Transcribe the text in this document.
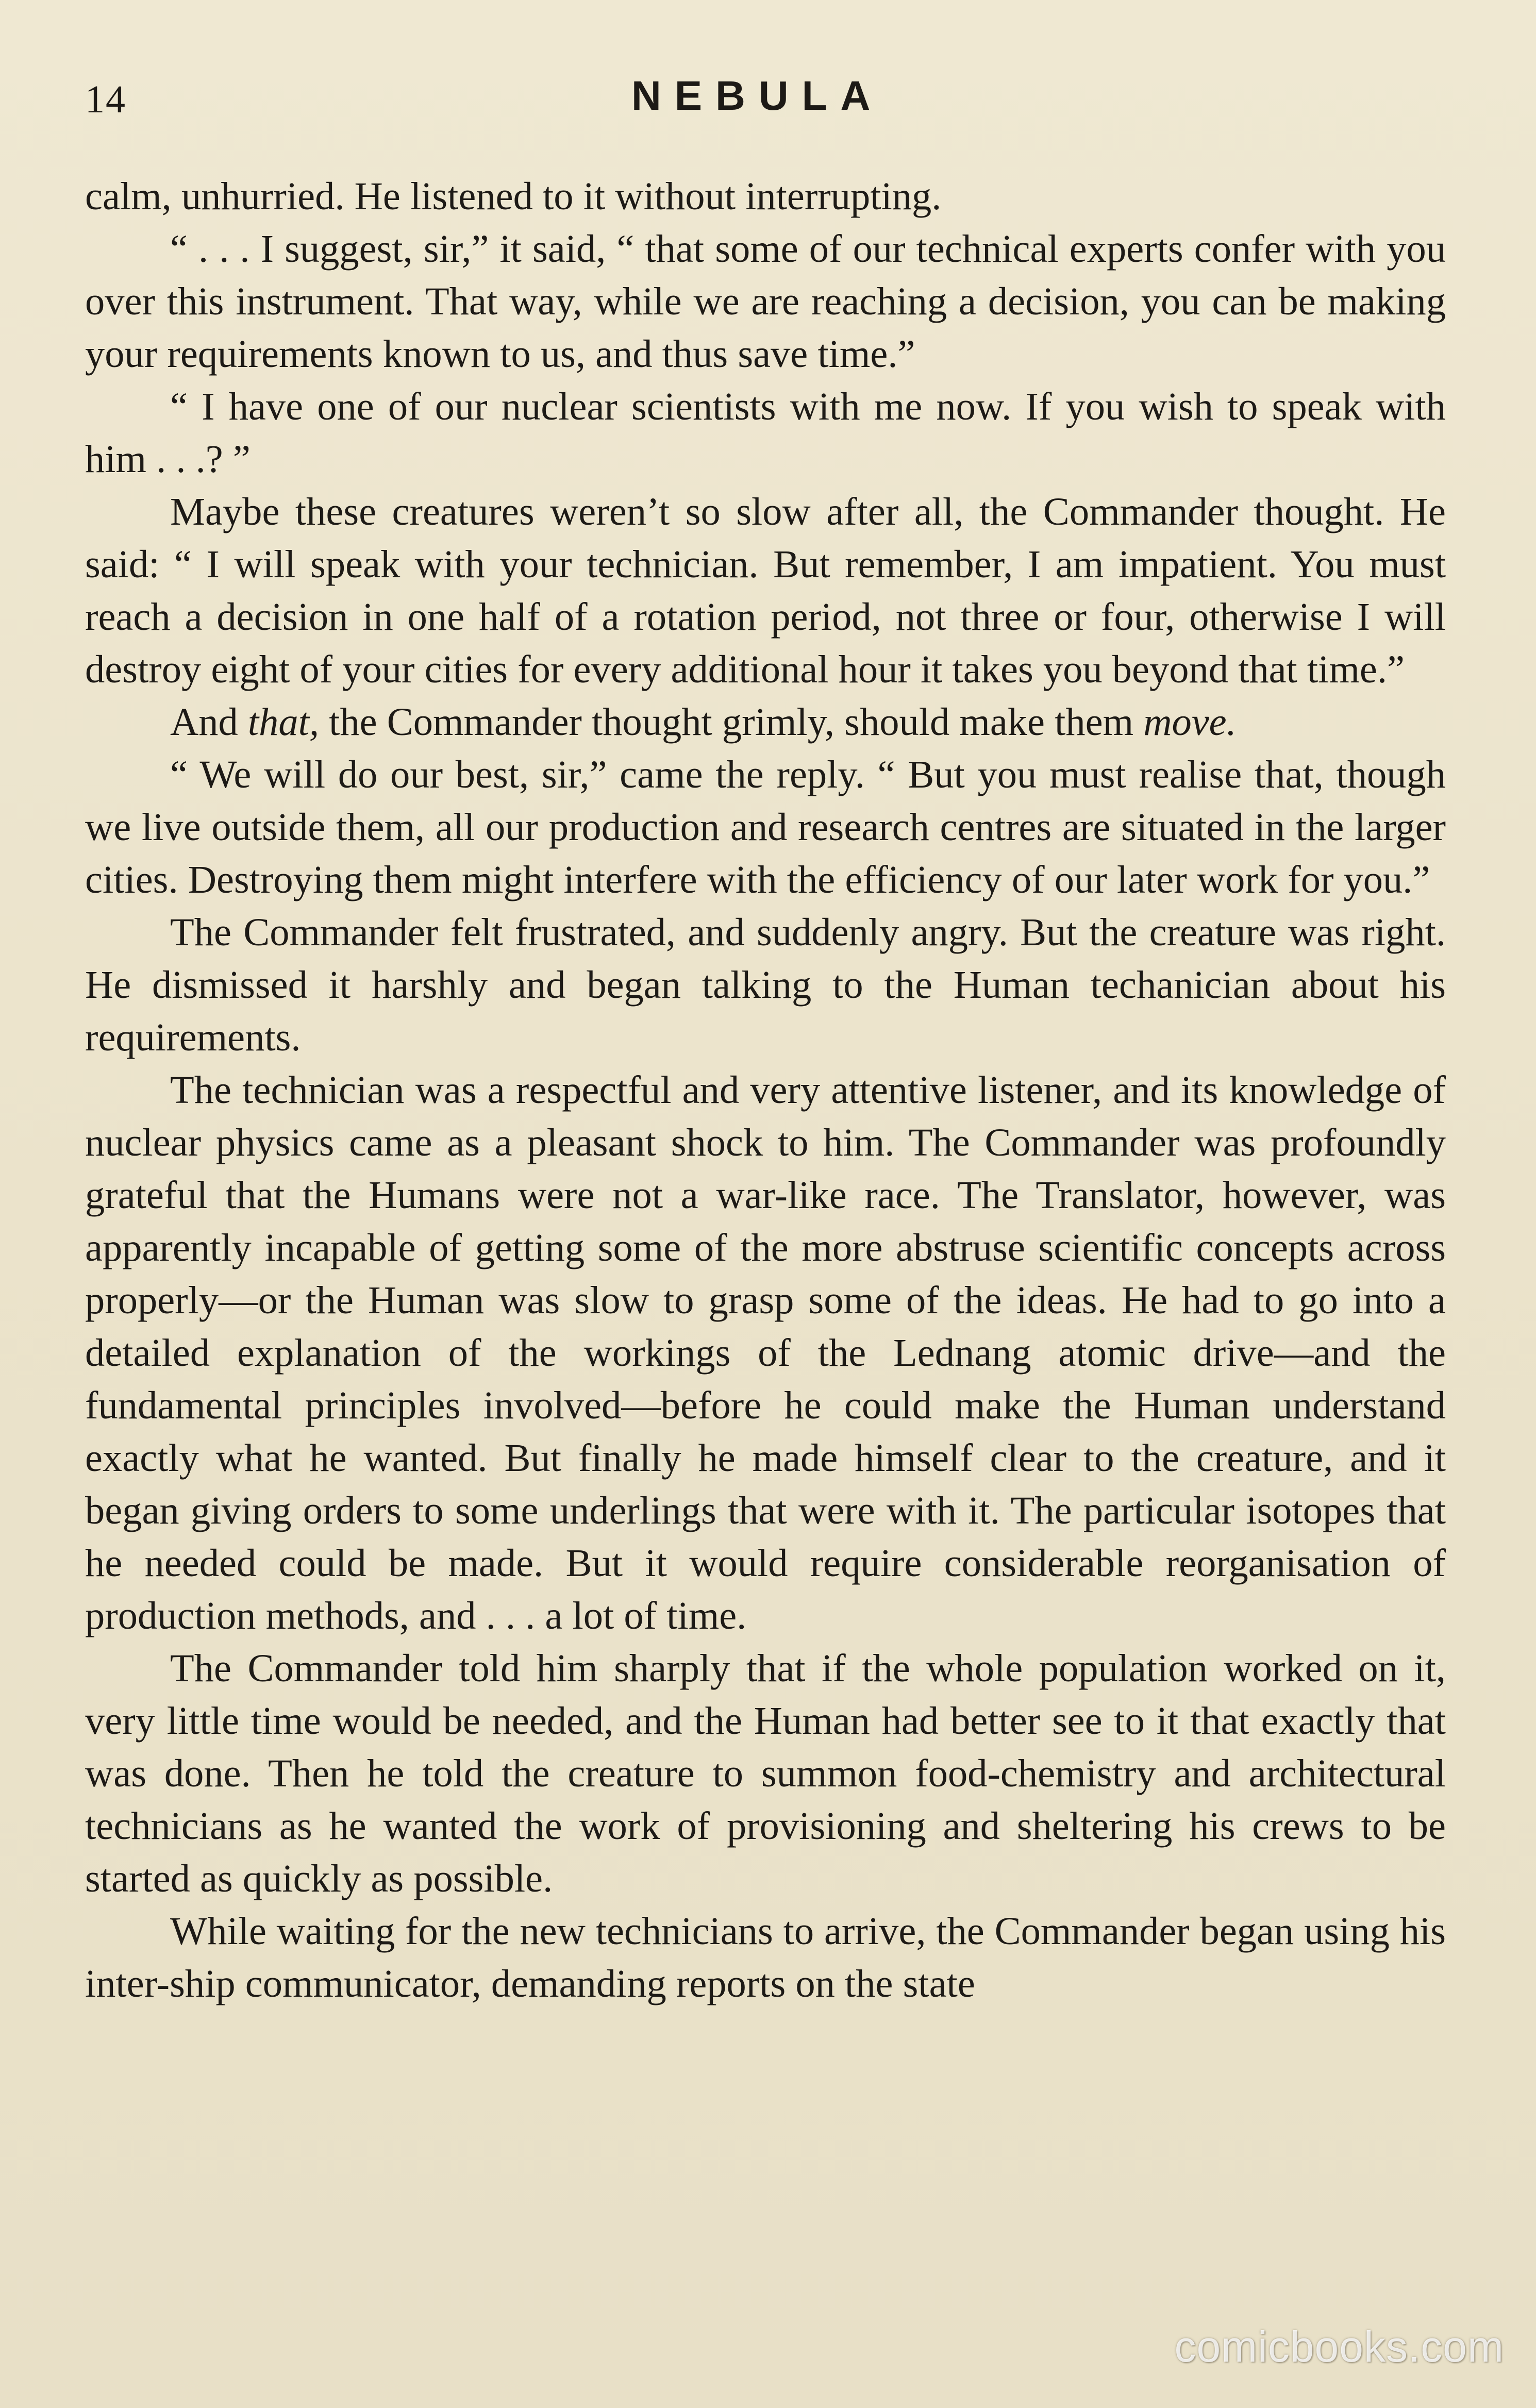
14	NEBULA

calm, unhurried. He listened to it without interrupting.

“ . . . I suggest, sir,” it said, “ that some of our technical experts confer with you over this instrument. That way, while we are reaching a decision, you can be making your requirements known to us, and thus save time.”

“ I have one of our nuclear scientists with me now. If you wish to speak with him . . .? ”

Maybe these creatures weren’t so slow after all, the Commander thought. He said: “ I will speak with your technician. But remember, I am impatient. You must reach a decision in one half of a rotation period, not three or four, otherwise I will destroy eight of your cities for every additional hour it takes you beyond that time.”

And that, the Commander thought grimly, should make them move.

“ We will do our best, sir,” came the reply. “ But you must realise that, though we live outside them, all our production and research centres are situated in the larger cities. Destroying them might interfere with the efficiency of our later work for you.”

The Commander felt frustrated, and suddenly angry. But the creature was right. He dismissed it harshly and began talking to the Human techanician about his requirements.

The technician was a respectful and very attentive listener, and its knowledge of nuclear physics came as a pleasant shock to him. The Commander was profoundly grateful that the Humans were not a war-like race. The Translator, however, was apparently incapable of getting some of the more abstruse scientific concepts across properly—or the Human was slow to grasp some of the ideas. He had to go into a detailed explanation of the workings of the Lednang atomic drive—and the fundamental principles involved—before he could make the Human understand exactly what he wanted. But finally he made himself clear to the creature, and it began giving orders to some underlings that were with it. The particular isotopes that he needed could be made. But it would require considerable reorganisation of production methods, and . . . a lot of time.

The Commander told him sharply that if the whole population worked on it, very little time would be needed, and the Human had better see to it that exactly that was done. Then he told the creature to summon food-chemistry and architectural technicians as he wanted the work of provisioning and sheltering his crews to be started as quickly as possible.

While waiting for the new technicians to arrive, the Commander began using his inter-ship communicator, demanding reports on the state

comicbooks.com
